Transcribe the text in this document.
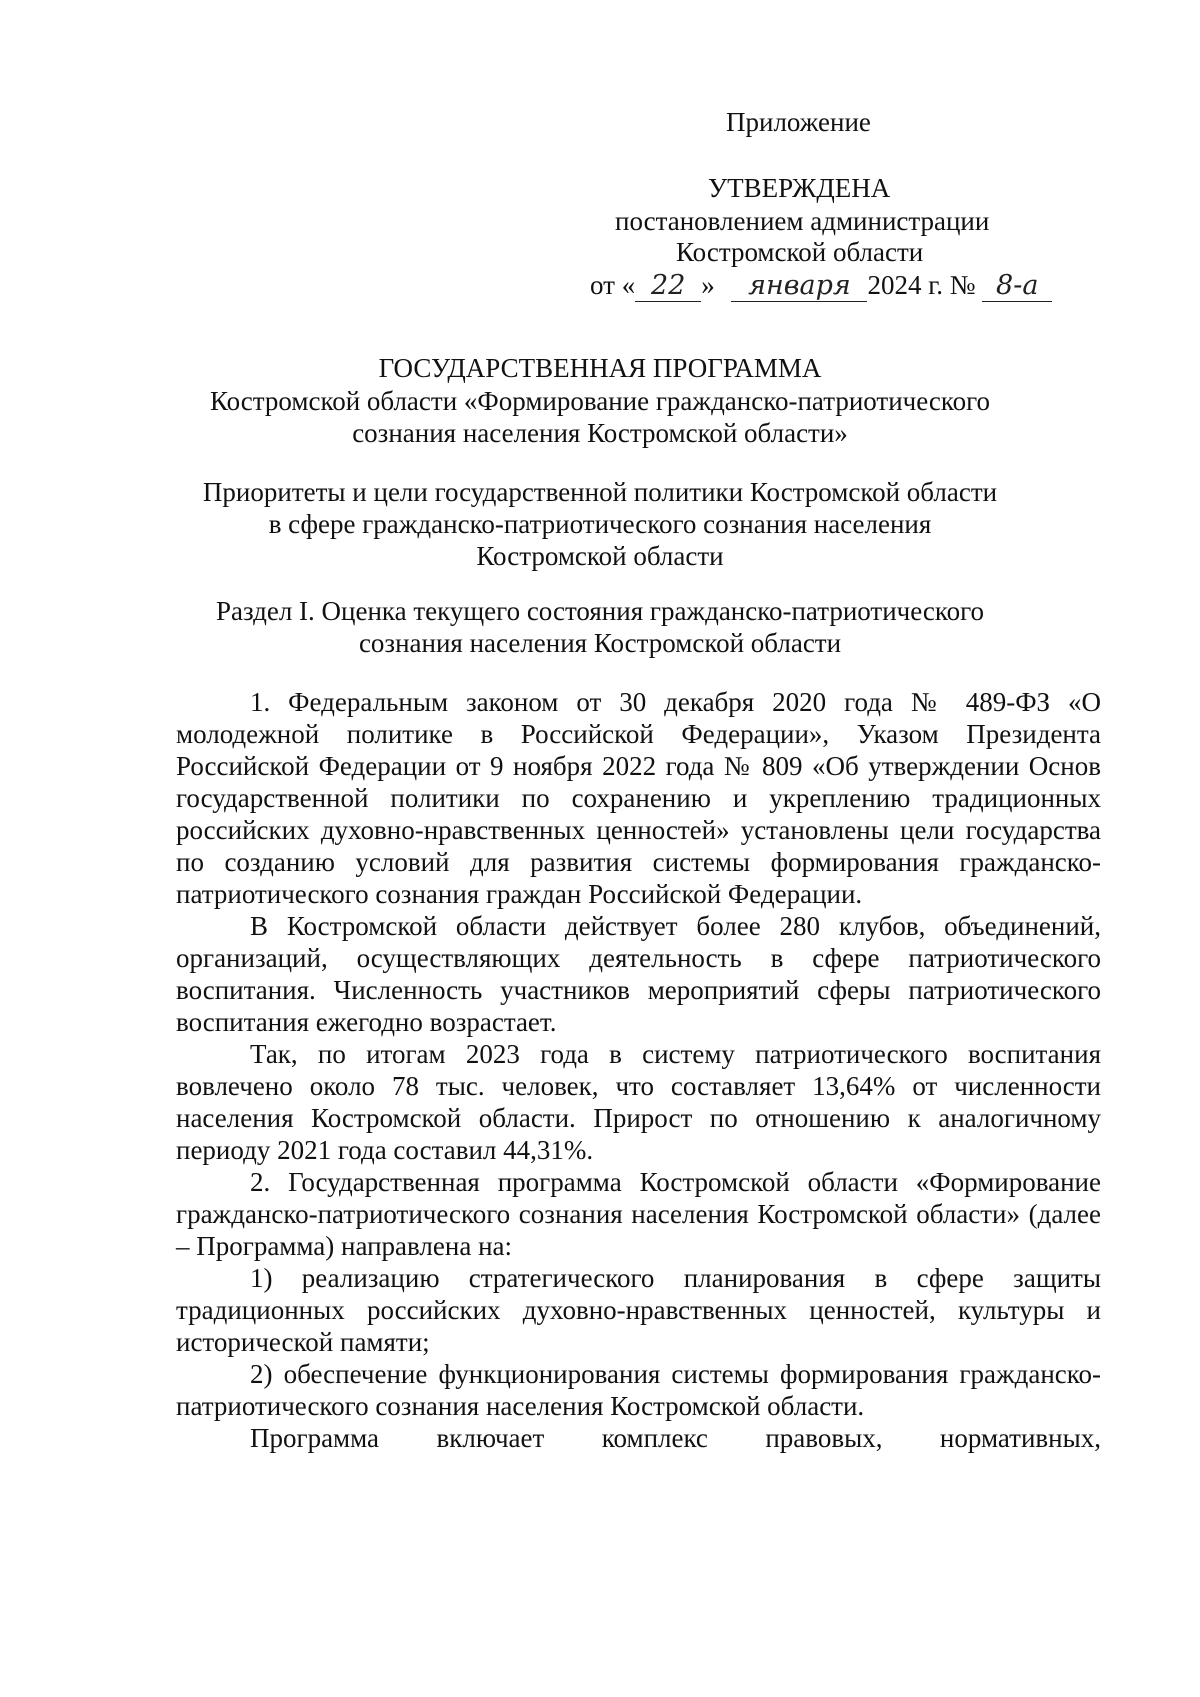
Приложение
УТВЕРЖДЕНА
постановлением администрации
Костромской области
от « 22 » января 2024 г. № 8-а
ГОСУДАРСТВЕННАЯ ПРОГРАММА
Костромской области «Формирование гражданско-патриотического
сознания населения Костромской области»
Приоритеты и цели государственной политики Костромской области
в сфере гражданско-патриотического сознания населения
Костромской области
Раздел I. Оценка текущего состояния гражданско-патриотического
сознания населения Костромской области

1. Федеральным законом от 30 декабря 2020 года № 489-ФЗ «О молодежной политике в Российской Федерации», Указом Президента Российской Федерации от 9 ноября 2022 года № 809 «Об утверждении Основ государственной политики по сохранению и укреплению традиционных российских духовно-нравственных ценностей» установлены цели государства по созданию условий для развития системы формирования гражданско-патриотического сознания граждан Российской Федерации.

В Костромской области действует более 280 клубов, объединений, организаций, осуществляющих деятельность в сфере патриотического воспитания. Численность участников мероприятий сферы патриотического воспитания ежегодно возрастает.

Так, по итогам 2023 года в систему патриотического воспитания вовлечено около 78 тыс. человек, что составляет 13,64% от численности населения Костромской области. Прирост по отношению к аналогичному периоду 2021 года составил 44,31%.

2. Государственная программа Костромской области «Формирование гражданско-патриотического сознания населения Костромской области» (далее – Программа) направлена на:

1) реализацию стратегического планирования в сфере защиты традиционных российских духовно-нравственных ценностей, культуры и исторической памяти;

2) обеспечение функционирования системы формирования гражданско-патриотического сознания населения Костромской области.

Программа включает комплекс правовых, нормативных,
